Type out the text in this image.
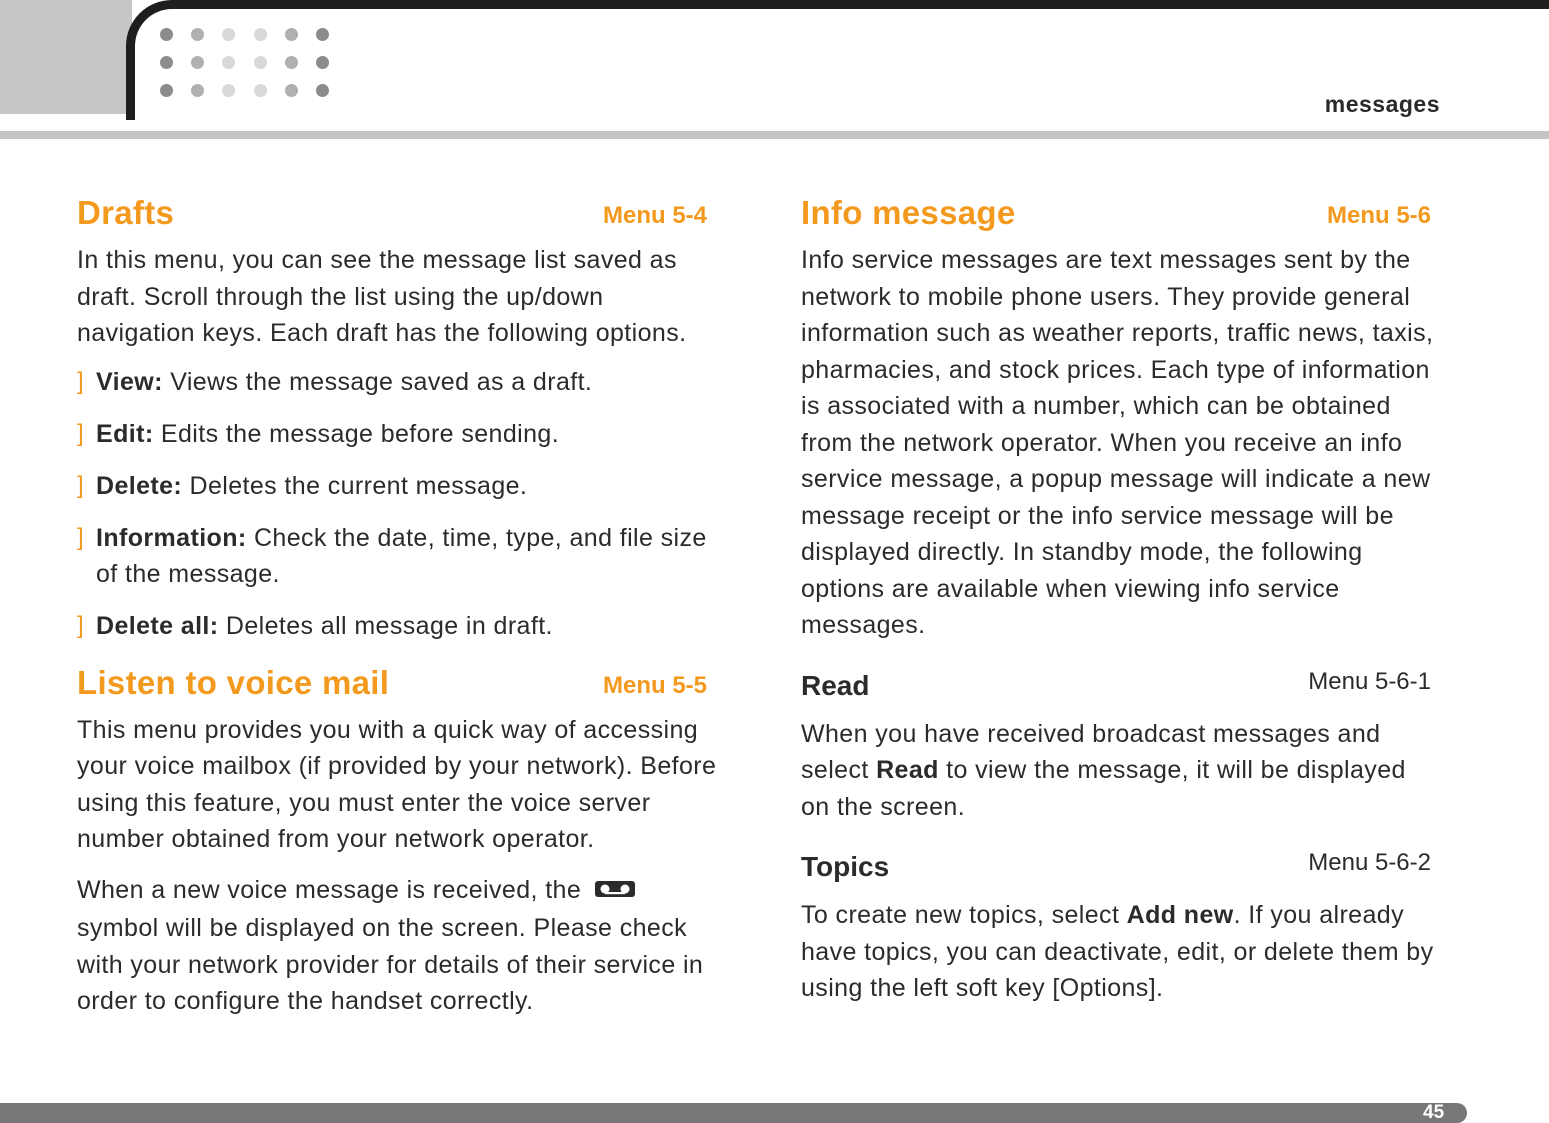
messages
Drafts	Menu 5-4

In this menu, you can see the message list saved as draft. Scroll through the list using the up/down navigation keys. Each draft has the following options.

] View: Views the message saved as a draft.
] Edit: Edits the message before sending.
] Delete: Deletes the current message.
] Information: Check the date, time, type, and file size of the message.
] Delete all: Deletes all message in draft.
Listen to voice mail	Menu 5-5

This menu provides you with a quick way of accessing your voice mailbox (if provided by your network). Before using this feature, you must enter the voice server number obtained from your network operator.

When a new voice message is received, the symbol will be displayed on the screen. Please check with your network provider for details of their service in order to configure the handset correctly.

Info message	Menu 5-6

Info service messages are text messages sent by the network to mobile phone users. They provide general information such as weather reports, traffic news, taxis, pharmacies, and stock prices. Each type of information is associated with a number, which can be obtained from the network operator. When you receive an info service message, a popup message will indicate a new message receipt or the info service message will be displayed directly. In standby mode, the following options are available when viewing info service messages.

Read	Menu 5-6-1

When you have received broadcast messages and select Read to view the message, it will be displayed on the screen.

Topics	Menu 5-6-2

To create new topics, select Add new. If you already have topics, you can deactivate, edit, or delete them by using the left soft key [Options].

45
